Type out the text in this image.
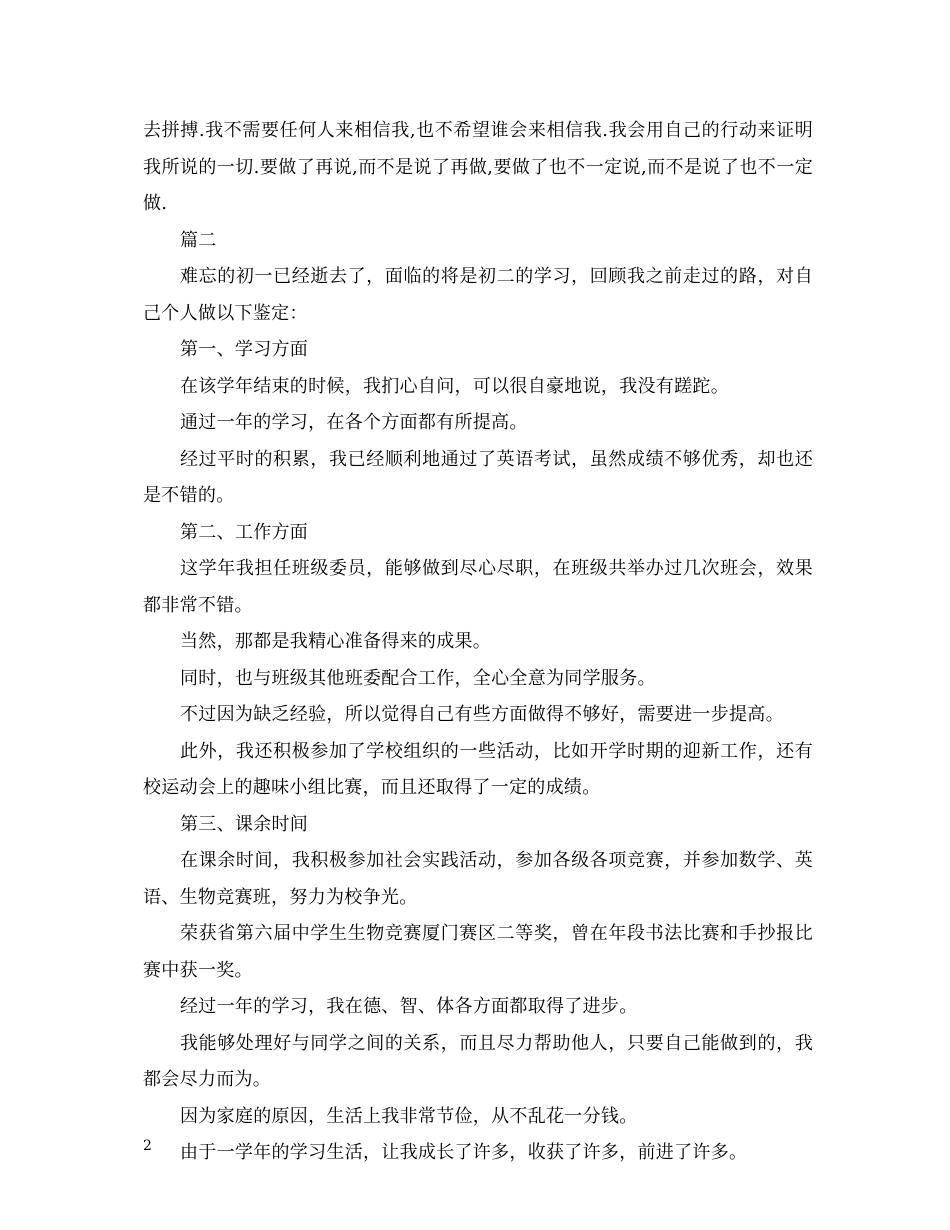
去拼搏.我不需要任何人来相信我,也不希望谁会来相信我.我会用自己的行动来证明我所说的一切.要做了再说,而不是说了再做,要做了也不一定说,而不是说了也不一定做.

篇二

难忘的初一已经逝去了，面临的将是初二的学习，回顾我之前走过的路，对自己个人做以下鉴定：

第一、学习方面

在该学年结束的时候，我扪心自问，可以很自豪地说，我没有蹉跎。

通过一年的学习，在各个方面都有所提高。

经过平时的积累，我已经顺利地通过了英语考试，虽然成绩不够优秀，却也还是不错的。

第二、工作方面

这学年我担任班级委员，能够做到尽心尽职，在班级共举办过几次班会，效果都非常不错。

当然，那都是我精心准备得来的成果。

同时，也与班级其他班委配合工作，全心全意为同学服务。

不过因为缺乏经验，所以觉得自己有些方面做得不够好，需要进一步提高。

此外，我还积极参加了学校组织的一些活动，比如开学时期的迎新工作，还有校运动会上的趣味小组比赛，而且还取得了一定的成绩。

第三、课余时间

在课余时间，我积极参加社会实践活动，参加各级各项竞赛，并参加数学、英语、生物竞赛班，努力为校争光。

荣获省第六届中学生生物竞赛厦门赛区二等奖，曾在年段书法比赛和手抄报比赛中获一奖。

经过一年的学习，我在德、智、体各方面都取得了进步。

我能够处理好与同学之间的关系，而且尽力帮助他人，只要自己能做到的，我都会尽力而为。

因为家庭的原因，生活上我非常节俭，从不乱花一分钱。

由于一学年的学习生活，让我成长了许多，收获了许多，前进了许多。

2
